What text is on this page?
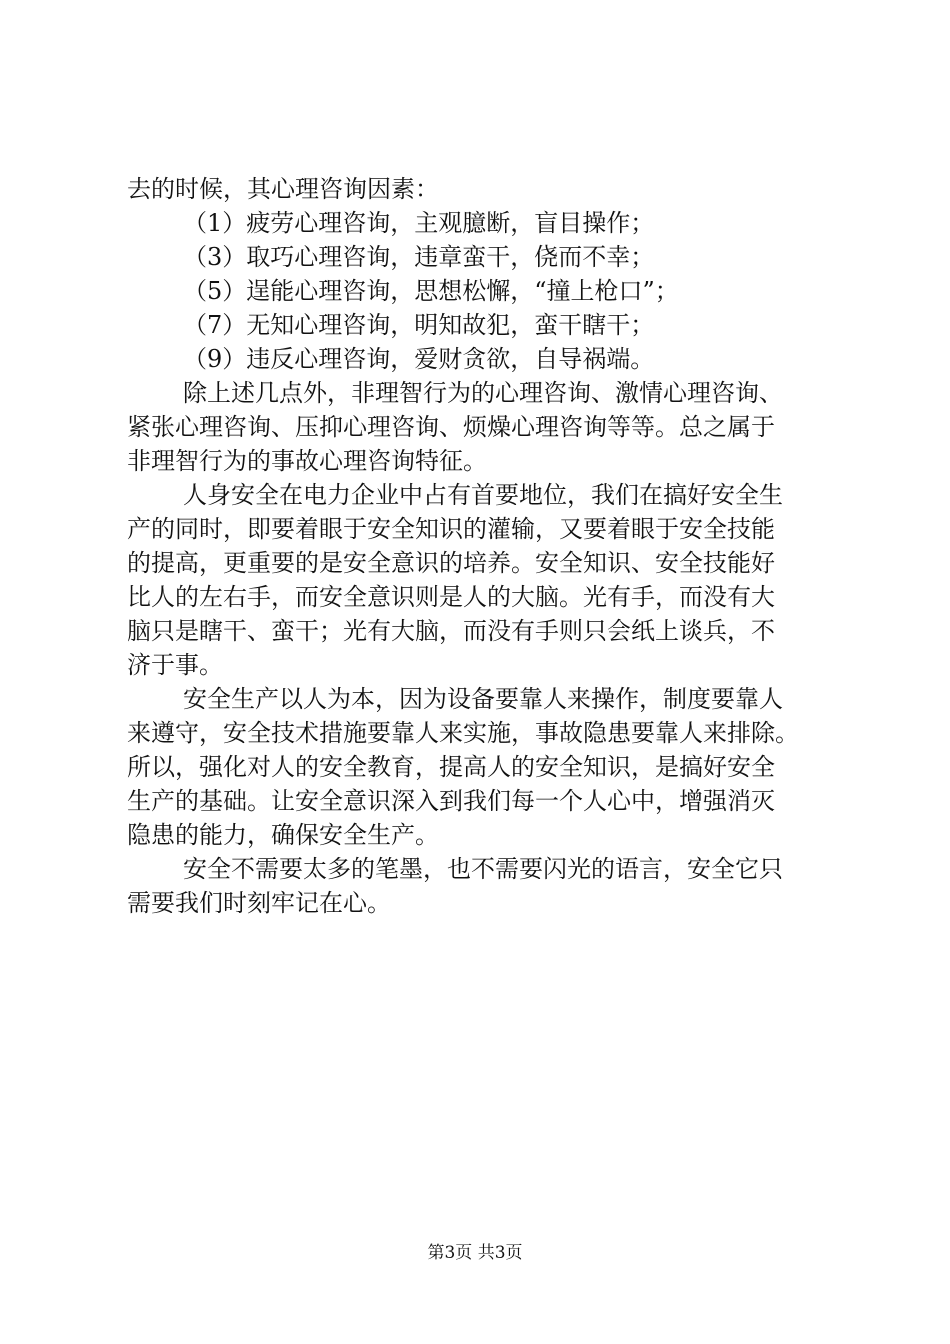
去的时候，其心理咨询因素：
（1）疲劳心理咨询，主观臆断，盲目操作；
（3）取巧心理咨询，违章蛮干，侥而不幸；
（5）逞能心理咨询，思想松懈，“撞上枪口”；
（7）无知心理咨询，明知故犯，蛮干瞎干；
（9）违反心理咨询，爱财贪欲，自导祸端。
除上述几点外，非理智行为的心理咨询、激情心理咨询、
紧张心理咨询、压抑心理咨询、烦燥心理咨询等等。总之属于
非理智行为的事故心理咨询特征。
人身安全在电力企业中占有首要地位，我们在搞好安全生
产的同时，即要着眼于安全知识的灌输，又要着眼于安全技能
的提高，更重要的是安全意识的培养。安全知识、安全技能好
比人的左右手，而安全意识则是人的大脑。光有手，而没有大
脑只是瞎干、蛮干；光有大脑，而没有手则只会纸上谈兵，不
济于事。
安全生产以人为本，因为设备要靠人来操作，制度要靠人
来遵守，安全技术措施要靠人来实施，事故隐患要靠人来排除。
所以，强化对人的安全教育，提高人的安全知识，是搞好安全
生产的基础。让安全意识深入到我们每一个人心中，增强消灭
隐患的能力，确保安全生产。
安全不需要太多的笔墨，也不需要闪光的语言，安全它只
需要我们时刻牢记在心。
第3页 共3页
